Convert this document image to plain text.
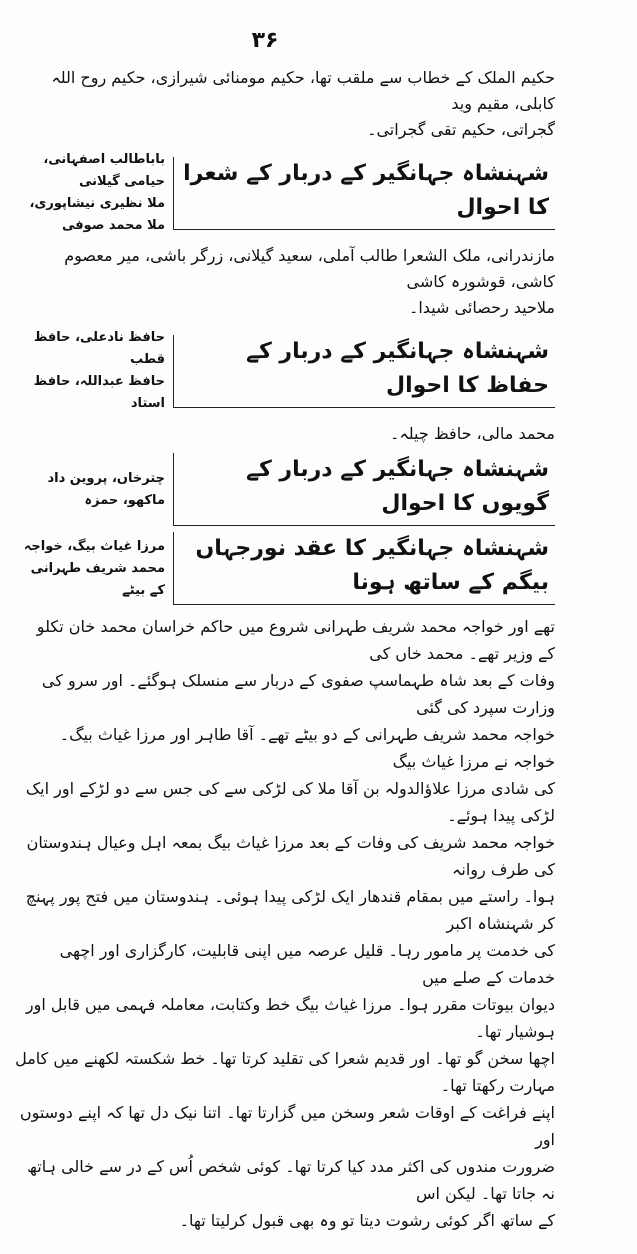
۳۶
حکیم الملک کے خطاب سے ملقب تھا، حکیم مومنائی شیرازی، حکیم روح اللہ کابلی، مقیم وید
گجراتی، حکیم تقی گجراتی۔
شہنشاہ جہانگیر کے دربار کے شعرا کا احوال
باباطالب اصفہانی، حیامی گیلانی
ملا نظیری نیشاپوری، ملا محمد صوفی
مازندرانی، ملک الشعرا طالب آملی، سعید گیلانی، زرگر باشی، میر معصوم کاشی، قوشورہ کاشی
ملاحید رحصائی شیدا۔
شہنشاہ جہانگیر کے دربار کے حفاظ کا احوال
حافظ نادعلی، حافظ قطب
حافظ عبداللہ، حافظ استاد
محمد مالی، حافظ چیلہ۔
شہنشاہ جہانگیر کے دربار کے گویوں کا احوال
چترخاں، پروین داد
ماکھو، حمزہ
شہنشاہ جہانگیر کا عقد نورجہاں بیگم کے ساتھ ہونا
مرزا غیاث بیگ، خواجہ
محمد شریف طہرانی کے بیٹے
تھے اور خواجہ محمد شریف طہرانی شروع میں حاکم خراسان محمد خان تکلو کے وزیر تھے۔ محمد خاں کی
وفات کے بعد شاہ طہماسپ صفوی کے دربار سے منسلک ہوگئے۔ اور سرو کی وزارت سپرد کی گئی
خواجہ محمد شریف طہرانی کے دو بیٹے تھے۔ آقا طاہر اور مرزا غیاث بیگ۔ خواجہ نے مرزا غیاث بیگ
کی شادی مرزا علاؤالدولہ بن آقا ملا کی لڑکی سے کی جس سے دو لڑکے اور ایک لڑکی پیدا ہوئے۔
خواجہ محمد شریف کی وفات کے بعد مرزا غیاث بیگ بمعہ اہل وعیال ہندوستان کی طرف روانہ
ہوا۔ راستے میں بمقام قندھار ایک لڑکی پیدا ہوئی۔ ہندوستان میں فتح پور پہنچ کر شہنشاہ اکبر
کی خدمت پر مامور رہا۔ قلیل عرصہ میں اپنی قابلیت، کارگزاری اور اچھی خدمات کے صلے میں
دیوان بیوتات مقرر ہوا۔ مرزا غیاث بیگ خط وکتابت، معاملہ فہمی میں قابل اور ہوشیار تھا۔
اچھا سخن گو تھا۔ اور قدیم شعرا کی تقلید کرتا تھا۔ خط شکستہ لکھنے میں کامل مہارت رکھتا تھا۔
اپنے فراغت کے اوقات شعر وسخن میں گزارتا تھا۔ اتنا نیک دل تھا کہ اپنے دوستوں اور
ضرورت مندوں کی اکثر مدد کیا کرتا تھا۔ کوئی شخص اُس کے در سے خالی ہاتھ نہ جاتا تھا۔ لیکن اس
کے ساتھ اگر کوئی رشوت دیتا تو وہ بھی قبول کرلیتا تھا۔
